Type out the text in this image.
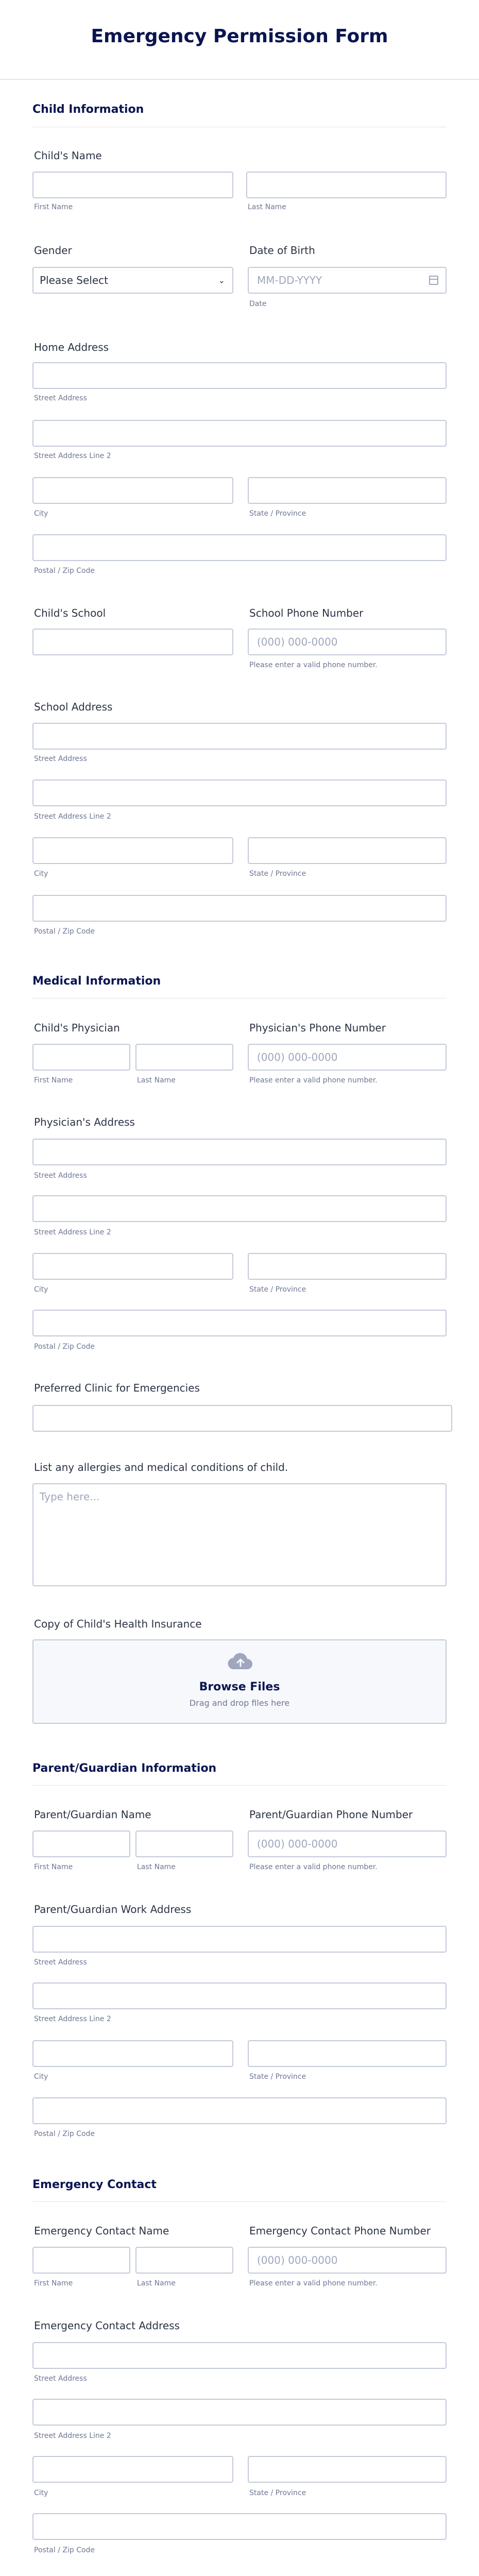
Emergency Permission Form
Child Information
Child's Name
First Name	Last Name
Gender
Please Select	⌄
Date of Birth
MM-DD-YYYY
Date
Home Address
Street Address
Street Address Line 2
City	State / Province
Postal / Zip Code
Child's School	School Phone Number
(000) 000-0000
Please enter a valid phone number.
School Address
Street Address
Street Address Line 2
City	State / Province
Postal / Zip Code
Medical Information
Child's Physician
First Name	Last Name
Physician's Phone Number
(000) 000-0000
Please enter a valid phone number.
Physician's Address
Street Address
Street Address Line 2
City	State / Province
Postal / Zip Code
Preferred Clinic for Emergencies
List any allergies and medical conditions of child.
Type here...
Copy of Child's Health Insurance
Browse Files
Drag and drop files here
Parent/Guardian Information
Parent/Guardian Name
First Name	Last Name
Parent/Guardian Phone Number
(000) 000-0000
Please enter a valid phone number.
Parent/Guardian Work Address
Street Address
Street Address Line 2
City	State / Province
Postal / Zip Code
Emergency Contact
Emergency Contact Name
First Name	Last Name
Emergency Contact Phone Number
(000) 000-0000
Please enter a valid phone number.
Emergency Contact Address
Street Address
Street Address Line 2
City	State / Province
Postal / Zip Code
